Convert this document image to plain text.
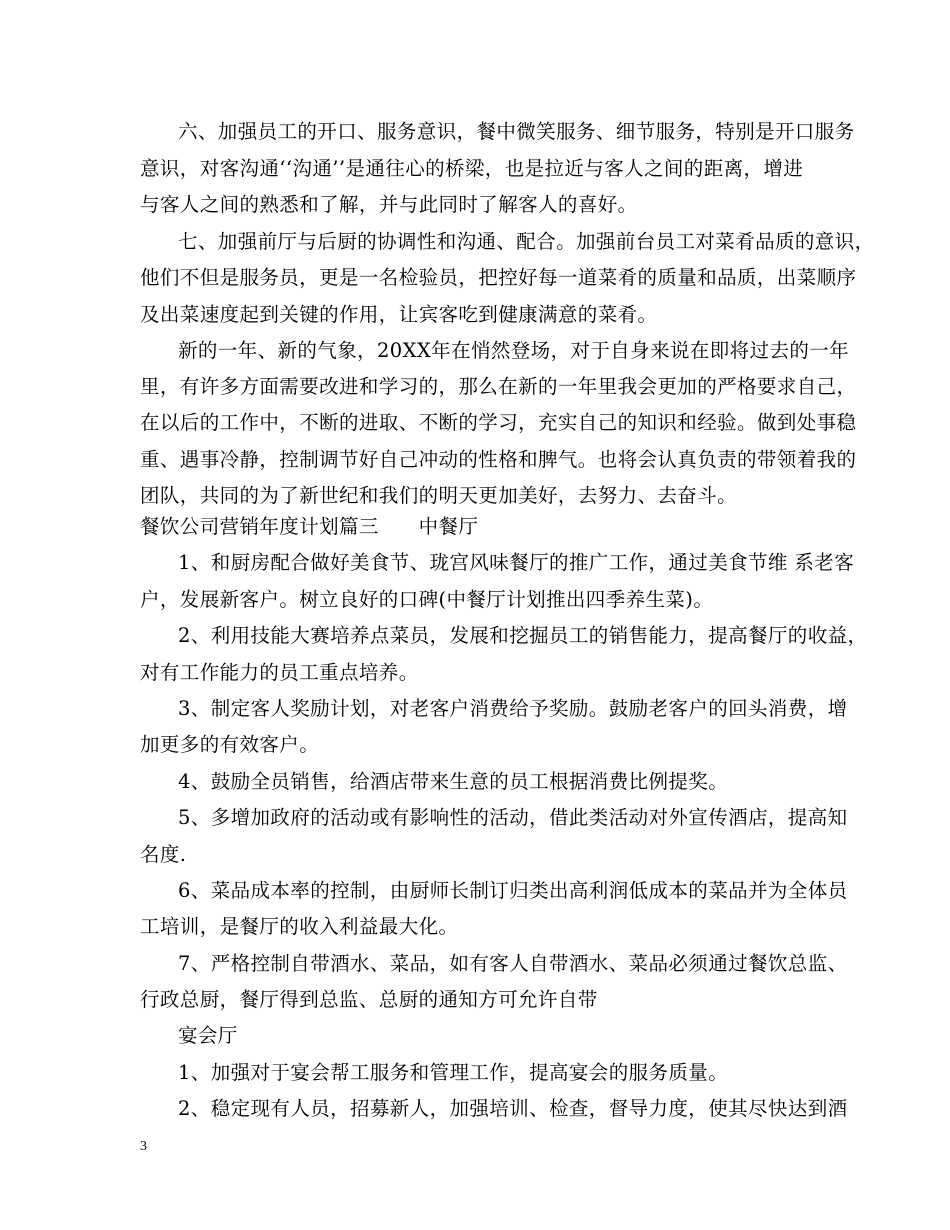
六、加强员工的开口、服务意识，餐中微笑服务、细节服务，特别是开口服务
意识，对客沟通‘‘沟通’’是通往心的桥梁，也是拉近与客人之间的距离，增进
与客人之间的熟悉和了解，并与此同时了解客人的喜好。
七、加强前厅与后厨的协调性和沟通、配合。加强前台员工对菜肴品质的意识，
他们不但是服务员，更是一名检验员，把控好每一道菜肴的质量和品质，出菜顺序
及出菜速度起到关键的作用，让宾客吃到健康满意的菜肴。
新的一年、新的气象，20XX年在悄然登场，对于自身来说在即将过去的一年
里，有许多方面需要改进和学习的，那么在新的一年里我会更加的严格要求自己，
在以后的工作中，不断的进取、不断的学习，充实自己的知识和经验。做到处事稳
重、遇事冷静，控制调节好自己冲动的性格和脾气。也将会认真负责的带领着我的
团队，共同的为了新世纪和我们的明天更加美好，去努力、去奋斗。
餐饮公司营销年度计划篇三　　中餐厅
1、和厨房配合做好美食节、珑宫风味餐厅的推广工作，通过美食节维 系老客
户，发展新客户。树立良好的口碑(中餐厅计划推出四季养生菜)。
2、利用技能大赛培养点菜员，发展和挖掘员工的销售能力，提高餐厅的收益，
对有工作能力的员工重点培养。
3、制定客人奖励计划，对老客户消费给予奖励。鼓励老客户的回头消费，增
加更多的有效客户。
4、鼓励全员销售，给酒店带来生意的员工根据消费比例提奖。
5、多增加政府的活动或有影响性的活动，借此类活动对外宣传酒店，提高知
名度.
6、菜品成本率的控制，由厨师长制订归类出高利润低成本的菜品并为全体员
工培训，是餐厅的收入利益最大化。
7、严格控制自带酒水、菜品，如有客人自带酒水、菜品必须通过餐饮总监、
行政总厨，餐厅得到总监、总厨的通知方可允许自带
宴会厅
1、加强对于宴会帮工服务和管理工作，提高宴会的服务质量。
2、稳定现有人员，招募新人，加强培训、检查，督导力度，使其尽快达到酒
3
